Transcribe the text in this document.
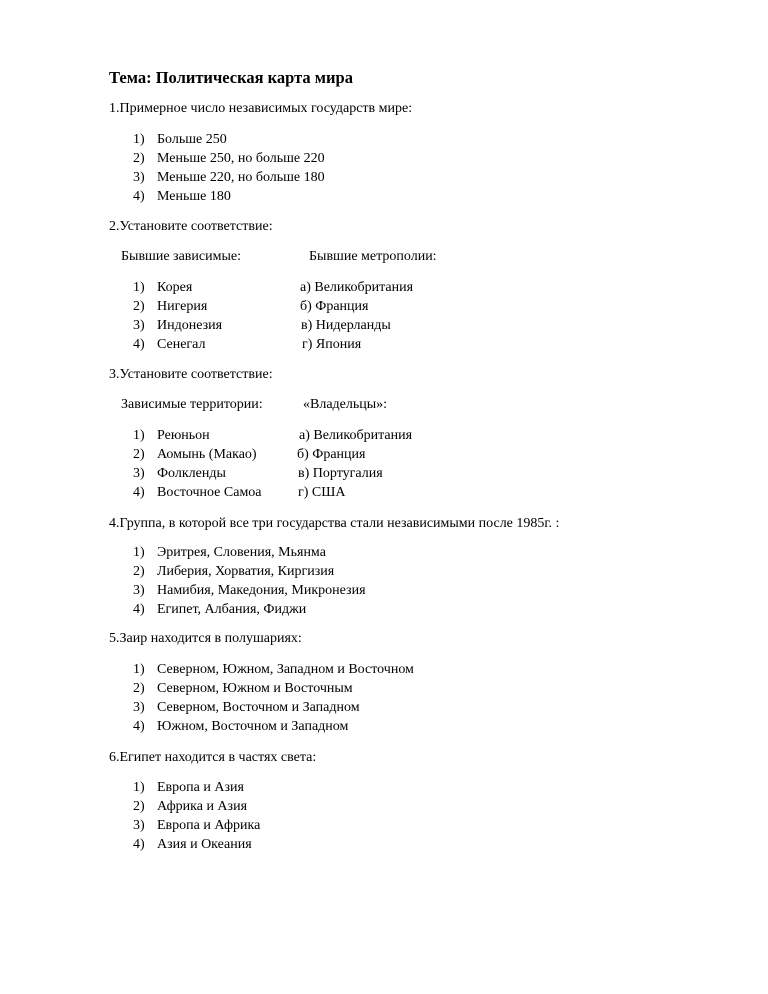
Тема: Политическая карта мира
1.Примерное число независимых государств мире:
1) Больше 250
2) Меньше 250, но больше 220
3) Меньше 220, но больше 180
4) Меньше 180
2.Установите соответствие:
Бывшие зависимые:	Бывшие метрополии:
1) Корея
2) Нигерия
3) Индонезия
4) Сенегал
а) Великобритания
б) Франция
в) Нидерланды
г) Япония
3.Установите соответствие:
Зависимые территории:	«Владельцы»:
1) Реюньон
2) Аомынь (Макао)
3) Фолкленды
4) Восточное Самоа
а) Великобритания
б) Франция
в) Португалия
г) США
4.Группа, в которой все три государства стали независимыми после 1985г. :
1) Эритрея, Словения, Мьянма
2) Либерия, Хорватия, Киргизия
3) Намибия, Македония, Микронезия
4) Египет, Албания, Фиджи
5.Заир находится в полушариях:
1) Северном, Южном, Западном и Восточном
2) Северном, Южном и Восточным
3) Северном, Восточном и Западном
4) Южном, Восточном и Западном
6.Египет находится в частях света:
1) Европа и Азия
2) Африка и Азия
3) Европа и Африка
4) Азия и Океания
